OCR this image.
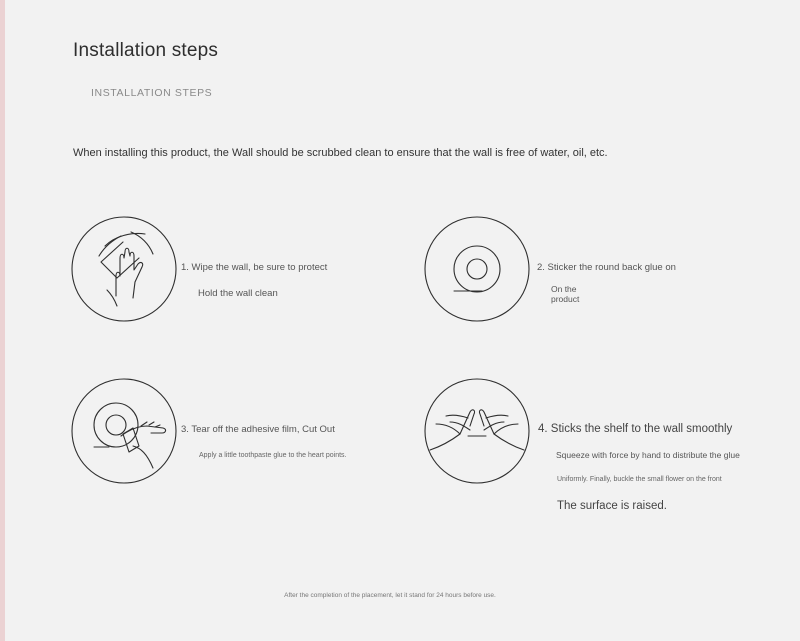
Installation steps
INSTALLATION STEPS
When installing this product, the Wall should be scrubbed clean to ensure that the wall is free of water, oil, etc.
1. Wipe the wall, be sure to protect
Hold the wall clean
2. Sticker the round back glue on
On the
product
3. Tear off the adhesive film, Cut Out
Apply a little toothpaste glue to the heart points.
4. Sticks the shelf to the wall smoothly
Squeeze with force by hand to distribute the glue
Uniformly. Finally, buckle the small flower on the front
The surface is raised.
After the completion of the placement, let it stand for 24 hours before use.
